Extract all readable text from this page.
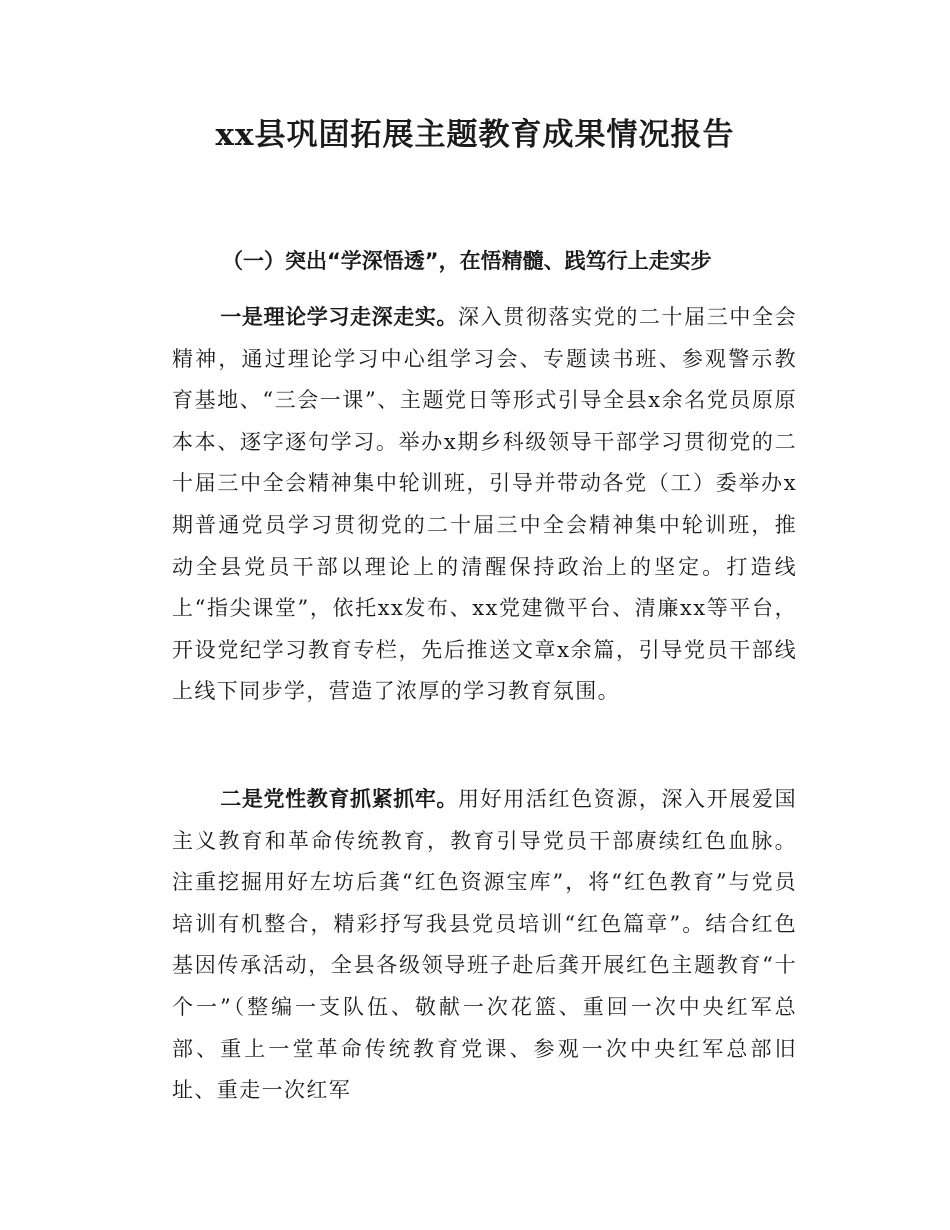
xx县巩固拓展主题教育成果情况报告
（一）突出“学深悟透”，在悟精髓、践笃行上走实步

一是理论学习走深走实。深入贯彻落实党的二十届三中全会精神，通过理论学习中心组学习会、专题读书班、参观警示教育基地、“三会一课”、主题党日等形式引导全县x余名党员原原本本、逐字逐句学习。举办x期乡科级领导干部学习贯彻党的二十届三中全会精神集中轮训班，引导并带动各党（工）委举办x期普通党员学习贯彻党的二十届三中全会精神集中轮训班，推动全县党员干部以理论上的清醒保持政治上的坚定。打造线上“指尖课堂”，依托xx发布、xx党建微平台、清廉xx等平台，开设党纪学习教育专栏，先后推送文章x余篇，引导党员干部线上线下同步学，营造了浓厚的学习教育氛围。

二是党性教育抓紧抓牢。用好用活红色资源，深入开展爱国主义教育和革命传统教育，教育引导党员干部赓续红色血脉。注重挖掘用好左坊后龚“红色资源宝库”，将“红色教育”与党员培训有机整合，精彩抒写我县党员培训“红色篇章”。结合红色基因传承活动，全县各级领导班子赴后龚开展红色主题教育“十个一”（整编一支队伍、敬献一次花篮、重回一次中央红军总部、重上一堂革命传统教育党课、参观一次中央红军总部旧址、重走一次红军
